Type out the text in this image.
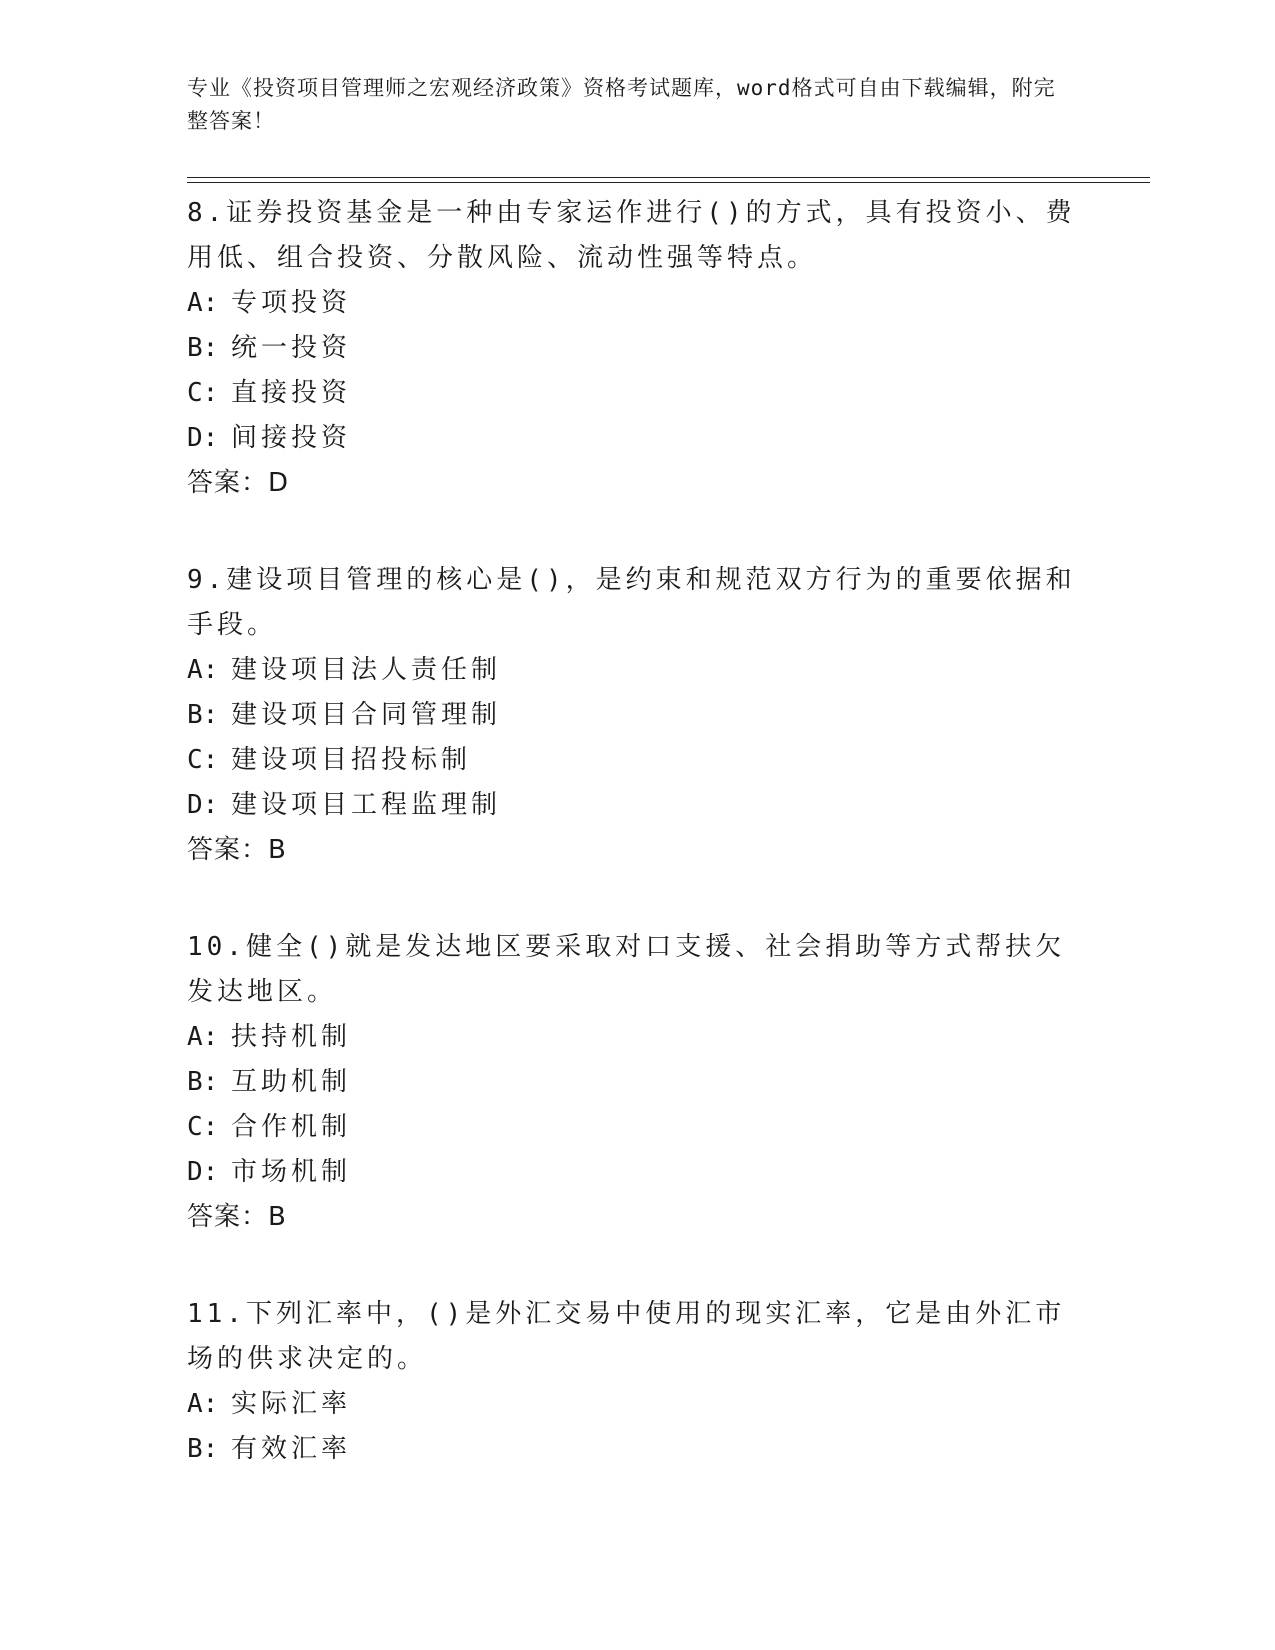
专业《投资项目管理师之宏观经济政策》资格考试题库，word格式可自由下载编辑，附完整答案！

8.证券投资基金是一种由专家运作进行()的方式，具有投资小、费用低、组合投资、分散风险、流动性强等特点。

A: 专项投资

B: 统一投资

C: 直接投资

D: 间接投资

答案：D

9.建设项目管理的核心是()，是约束和规范双方行为的重要依据和手段。

A: 建设项目法人责任制

B: 建设项目合同管理制

C: 建设项目招投标制

D: 建设项目工程监理制

答案：B

10.健全()就是发达地区要采取对口支援、社会捐助等方式帮扶欠发达地区。

A: 扶持机制

B: 互助机制

C: 合作机制

D: 市场机制

答案：B

11.下列汇率中，()是外汇交易中使用的现实汇率，它是由外汇市场的供求决定的。

A: 实际汇率

B: 有效汇率
